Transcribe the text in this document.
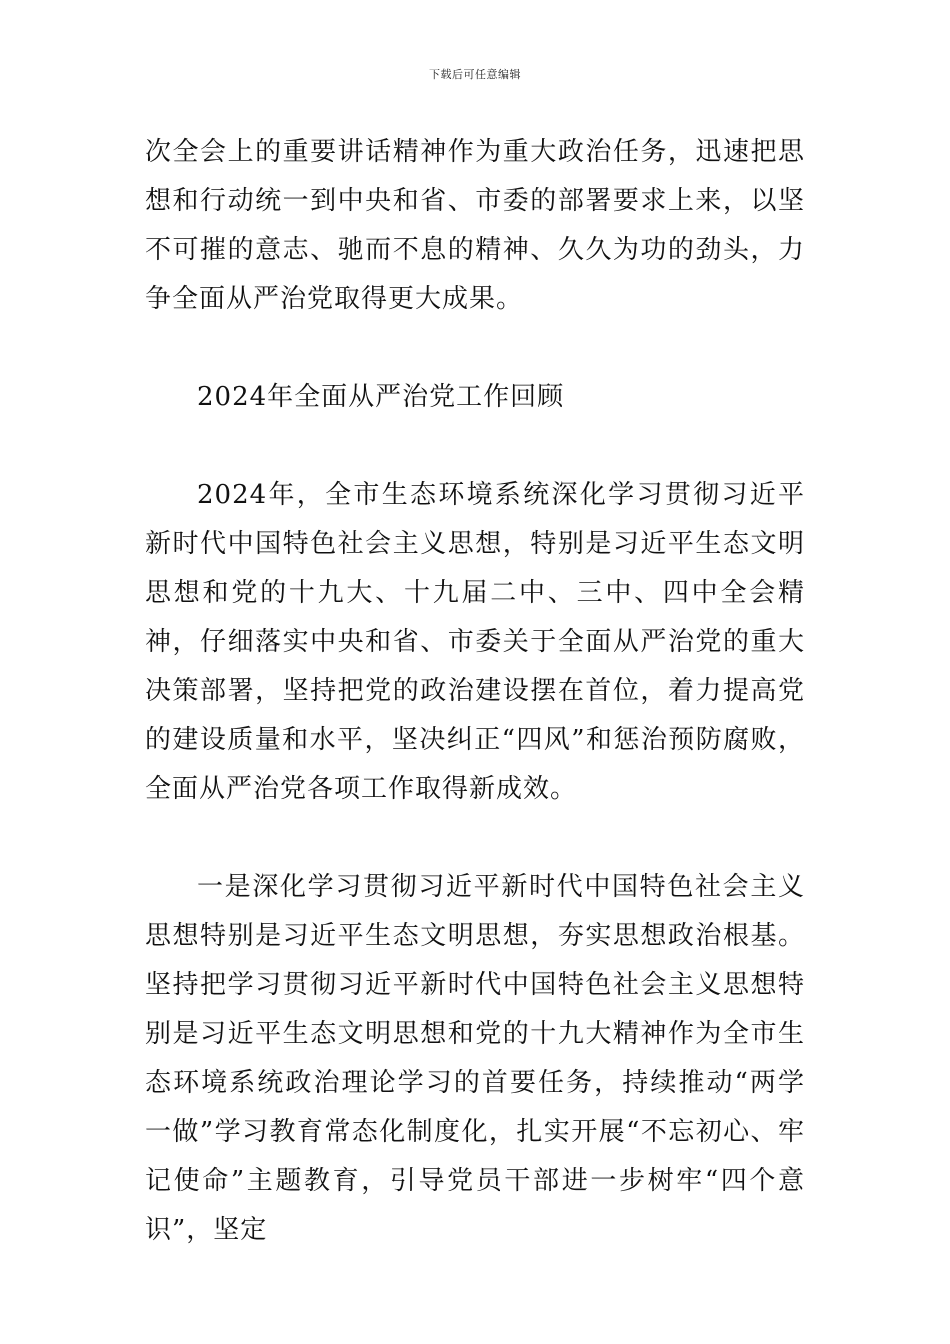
下载后可任意编辑

次全会上的重要讲话精神作为重大政治任务，迅速把思想和行动统一到中央和省、市委的部署要求上来，以坚不可摧的意志、驰而不息的精神、久久为功的劲头，力争全面从严治党取得更大成果。

2024年全面从严治党工作回顾

2024年，全市生态环境系统深化学习贯彻习近平新时代中国特色社会主义思想，特别是习近平生态文明思想和党的十九大、十九届二中、三中、四中全会精神，仔细落实中央和省、市委关于全面从严治党的重大决策部署，坚持把党的政治建设摆在首位，着力提高党的建设质量和水平，坚决纠正“四风”和惩治预防腐败，全面从严治党各项工作取得新成效。

一是深化学习贯彻习近平新时代中国特色社会主义思想特别是习近平生态文明思想，夯实思想政治根基。坚持把学习贯彻习近平新时代中国特色社会主义思想特别是习近平生态文明思想和党的十九大精神作为全市生态环境系统政治理论学习的首要任务，持续推动“两学一做”学习教育常态化制度化，扎实开展“不忘初心、牢记使命”主题教育，引导党员干部进一步树牢“四个意识”，坚定
